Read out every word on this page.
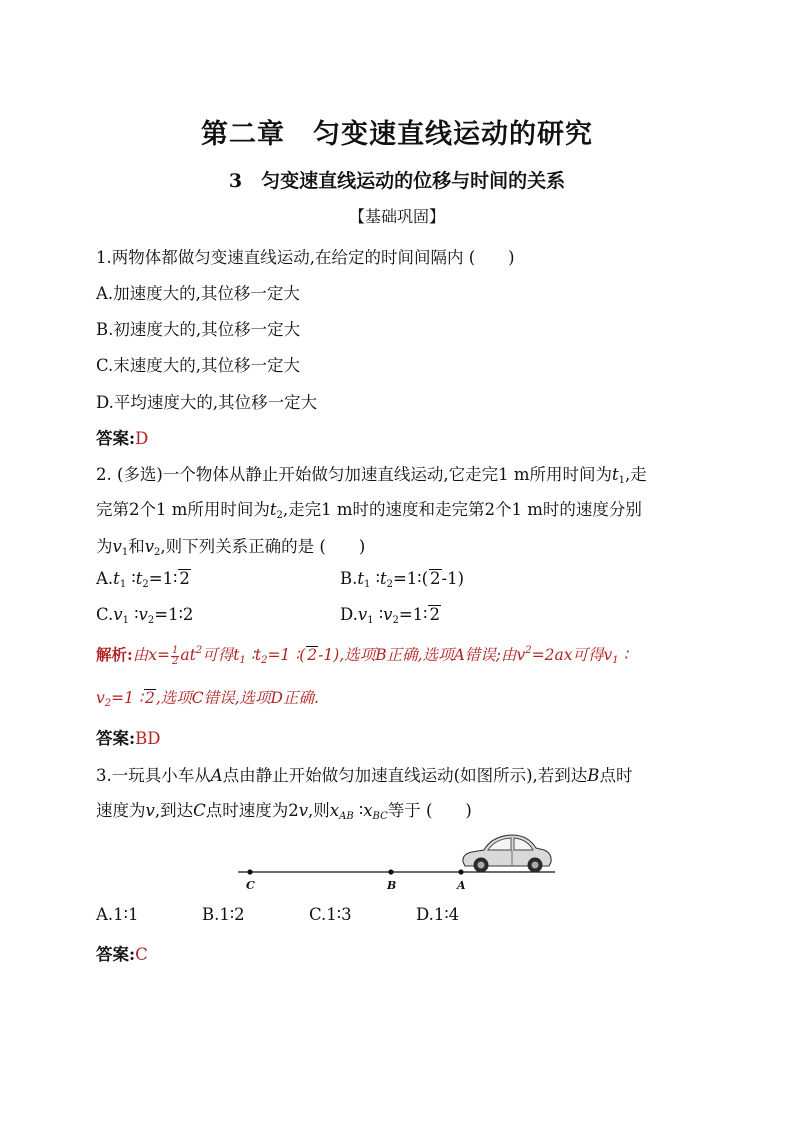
第二章　匀变速直线运动的研究
3　匀变速直线运动的位移与时间的关系
【基础巩固】
1.两物体都做匀变速直线运动,在给定的时间间隔内 (　　)
A.加速度大的,其位移一定大
B.初速度大的,其位移一定大
C.末速度大的,其位移一定大
D.平均速度大的,其位移一定大
答案:D
2. (多选)一个物体从静止开始做匀加速直线运动,它走完1 m所用时间为$t_1$,走
完第2个1 m所用时间为$t_2$,走完1 m时的速度和走完第2个1 m时的速度分别
为$v_1$和$v_2$,则下列关系正确的是 (　　)
$A.t_1$ $∶t_2=1∶$ 2	$B.t_1$ $∶t_2=1∶$( 2-1)
$C.v_1$ $∶v_2=1∶2$	$D.v_1$ $∶v_2=1∶$ 2
解析:由$x= \frac{1}{2} at^2$可得$t_1$ $∶t_2=1$ ∶( 2-1),选项B正确,选项A错误;由$v^2=2ax$可得$v_1$ ∶
$v_2=1$ ∶ 2,选项C错误,选项D正确.
答案:BD
3.一玩具小车从A点由静止开始做匀加速直线运动(如图所示),若到达B点时
速度为v,到达C点时速度为2v,则$x_{AB}$ $∶x_{BC}$等于 (　　)
C	B	A
A.1∶1	B.1∶2	C.1∶3	D.1∶4
答案:C
